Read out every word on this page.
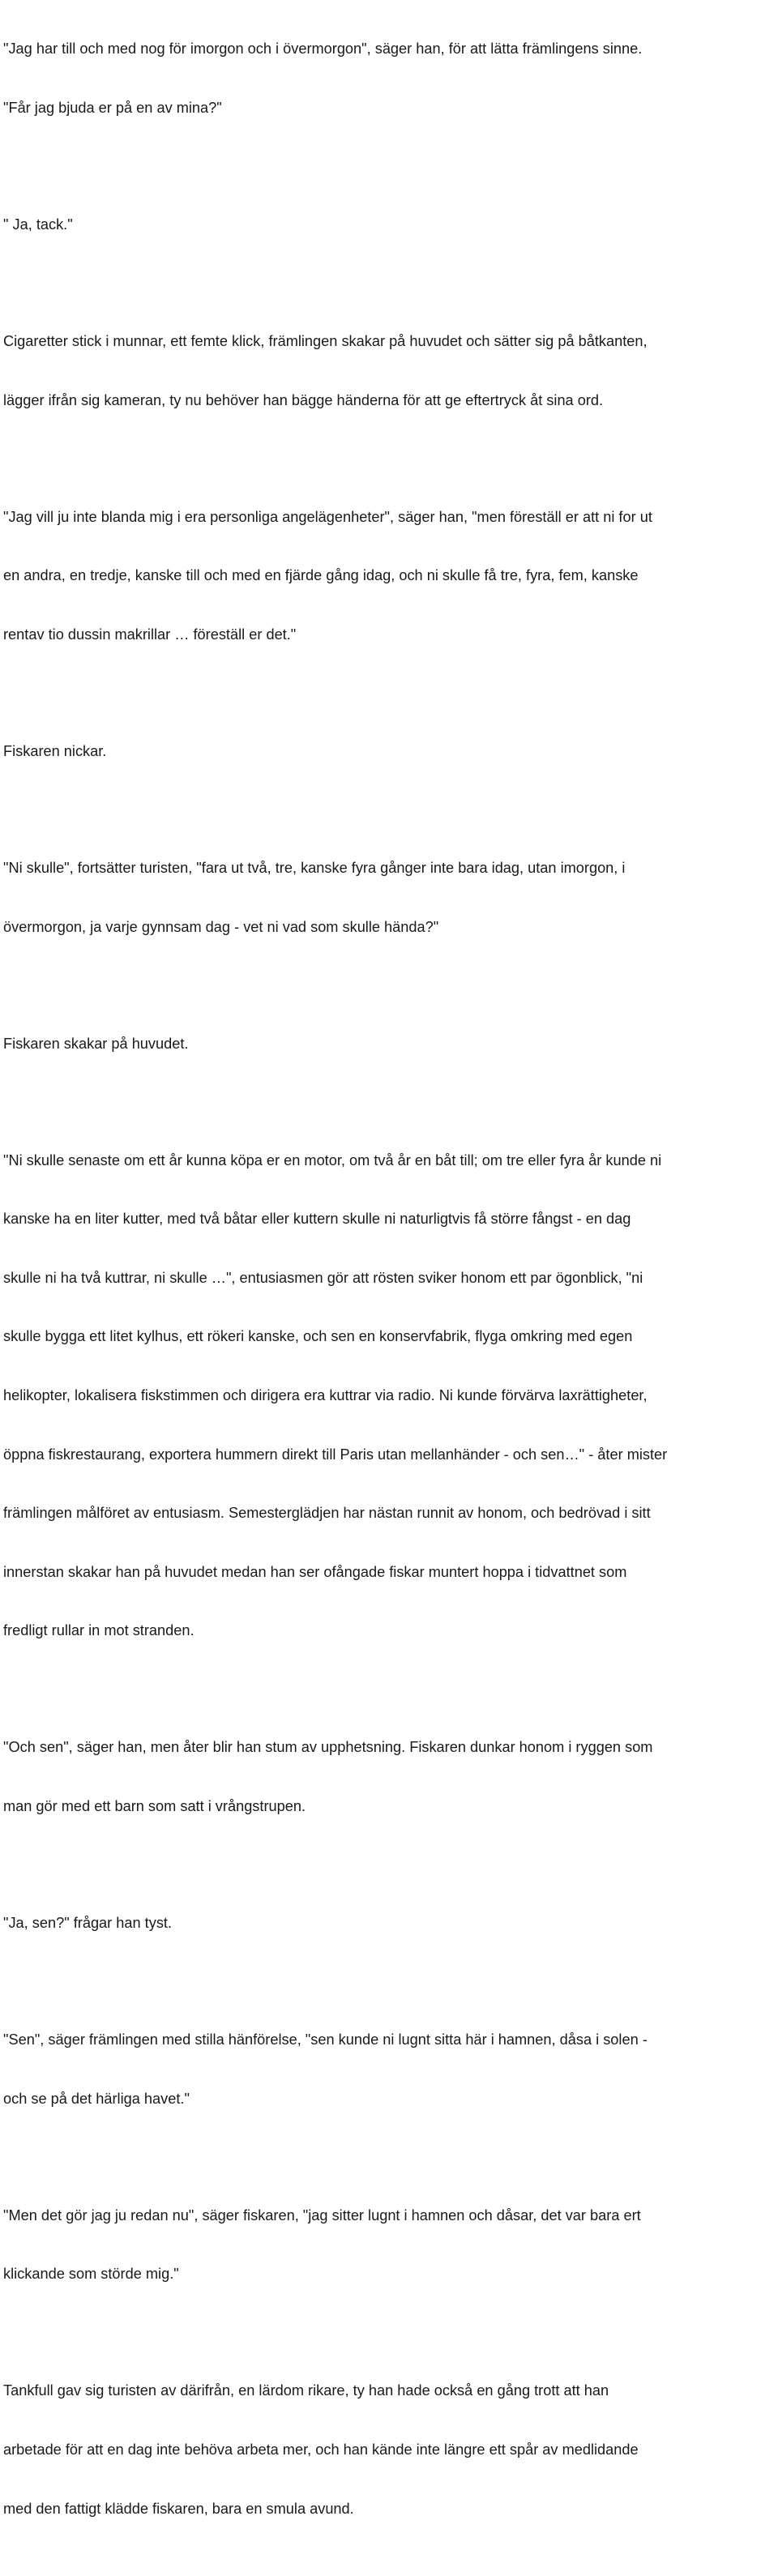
"Jag har till och med nog för imorgon och i övermorgon", säger han, för att lätta främlingens sinne.

"Får jag bjuda er på en av mina?"

" Ja, tack."

Cigaretter stick i munnar, ett femte klick, främlingen skakar på huvudet och sätter sig på båtkanten,

lägger ifrån sig kameran, ty nu behöver han bägge händerna för att ge eftertryck åt sina ord.

"Jag vill ju inte blanda mig i era personliga angelägenheter", säger han, "men föreställ er att ni for ut

en andra, en tredje, kanske till och med en fjärde gång idag, och ni skulle få tre, fyra, fem, kanske

rentav tio dussin makrillar … föreställ er det."

Fiskaren nickar.

"Ni skulle", fortsätter turisten, "fara ut två, tre, kanske fyra gånger inte bara idag, utan imorgon, i

övermorgon, ja varje gynnsam dag - vet ni vad som skulle hända?"

Fiskaren skakar på huvudet.

"Ni skulle senaste om ett år kunna köpa er en motor, om två år en båt till; om tre eller fyra år kunde ni

kanske ha en liter kutter, med två båtar eller kuttern skulle ni naturligtvis få större fångst - en dag

skulle ni ha två kuttrar, ni skulle …", entusiasmen gör att rösten sviker honom ett par ögonblick, "ni

skulle bygga ett litet kylhus, ett rökeri kanske, och sen en konservfabrik, flyga omkring med egen

helikopter, lokalisera fiskstimmen och dirigera era kuttrar via radio. Ni kunde förvärva laxrättigheter,

öppna fiskrestaurang, exportera hummern direkt till Paris utan mellanhänder - och sen…" - åter mister

främlingen målföret av entusiasm. Semesterglädjen har nästan runnit av honom, och bedrövad i sitt

innerstan skakar han på huvudet medan han ser ofångade fiskar muntert hoppa i tidvattnet som

fredligt rullar in mot stranden.

"Och sen", säger han, men åter blir han stum av upphetsning. Fiskaren dunkar honom i ryggen som

man gör med ett barn som satt i vrångstrupen.

"Ja, sen?" frågar han tyst.

"Sen", säger främlingen med stilla hänförelse, "sen kunde ni lugnt sitta här i hamnen, dåsa i solen -

och se på det härliga havet."

"Men det gör jag ju redan nu", säger fiskaren, "jag sitter lugnt i hamnen och dåsar, det var bara ert

klickande som störde mig."

Tankfull gav sig turisten av därifrån, en lärdom rikare, ty han hade också en gång trott att han

arbetade för att en dag inte behöva arbeta mer, och han kände inte längre ett spår av medlidande

med den fattigt klädde fiskaren, bara en smula avund.
